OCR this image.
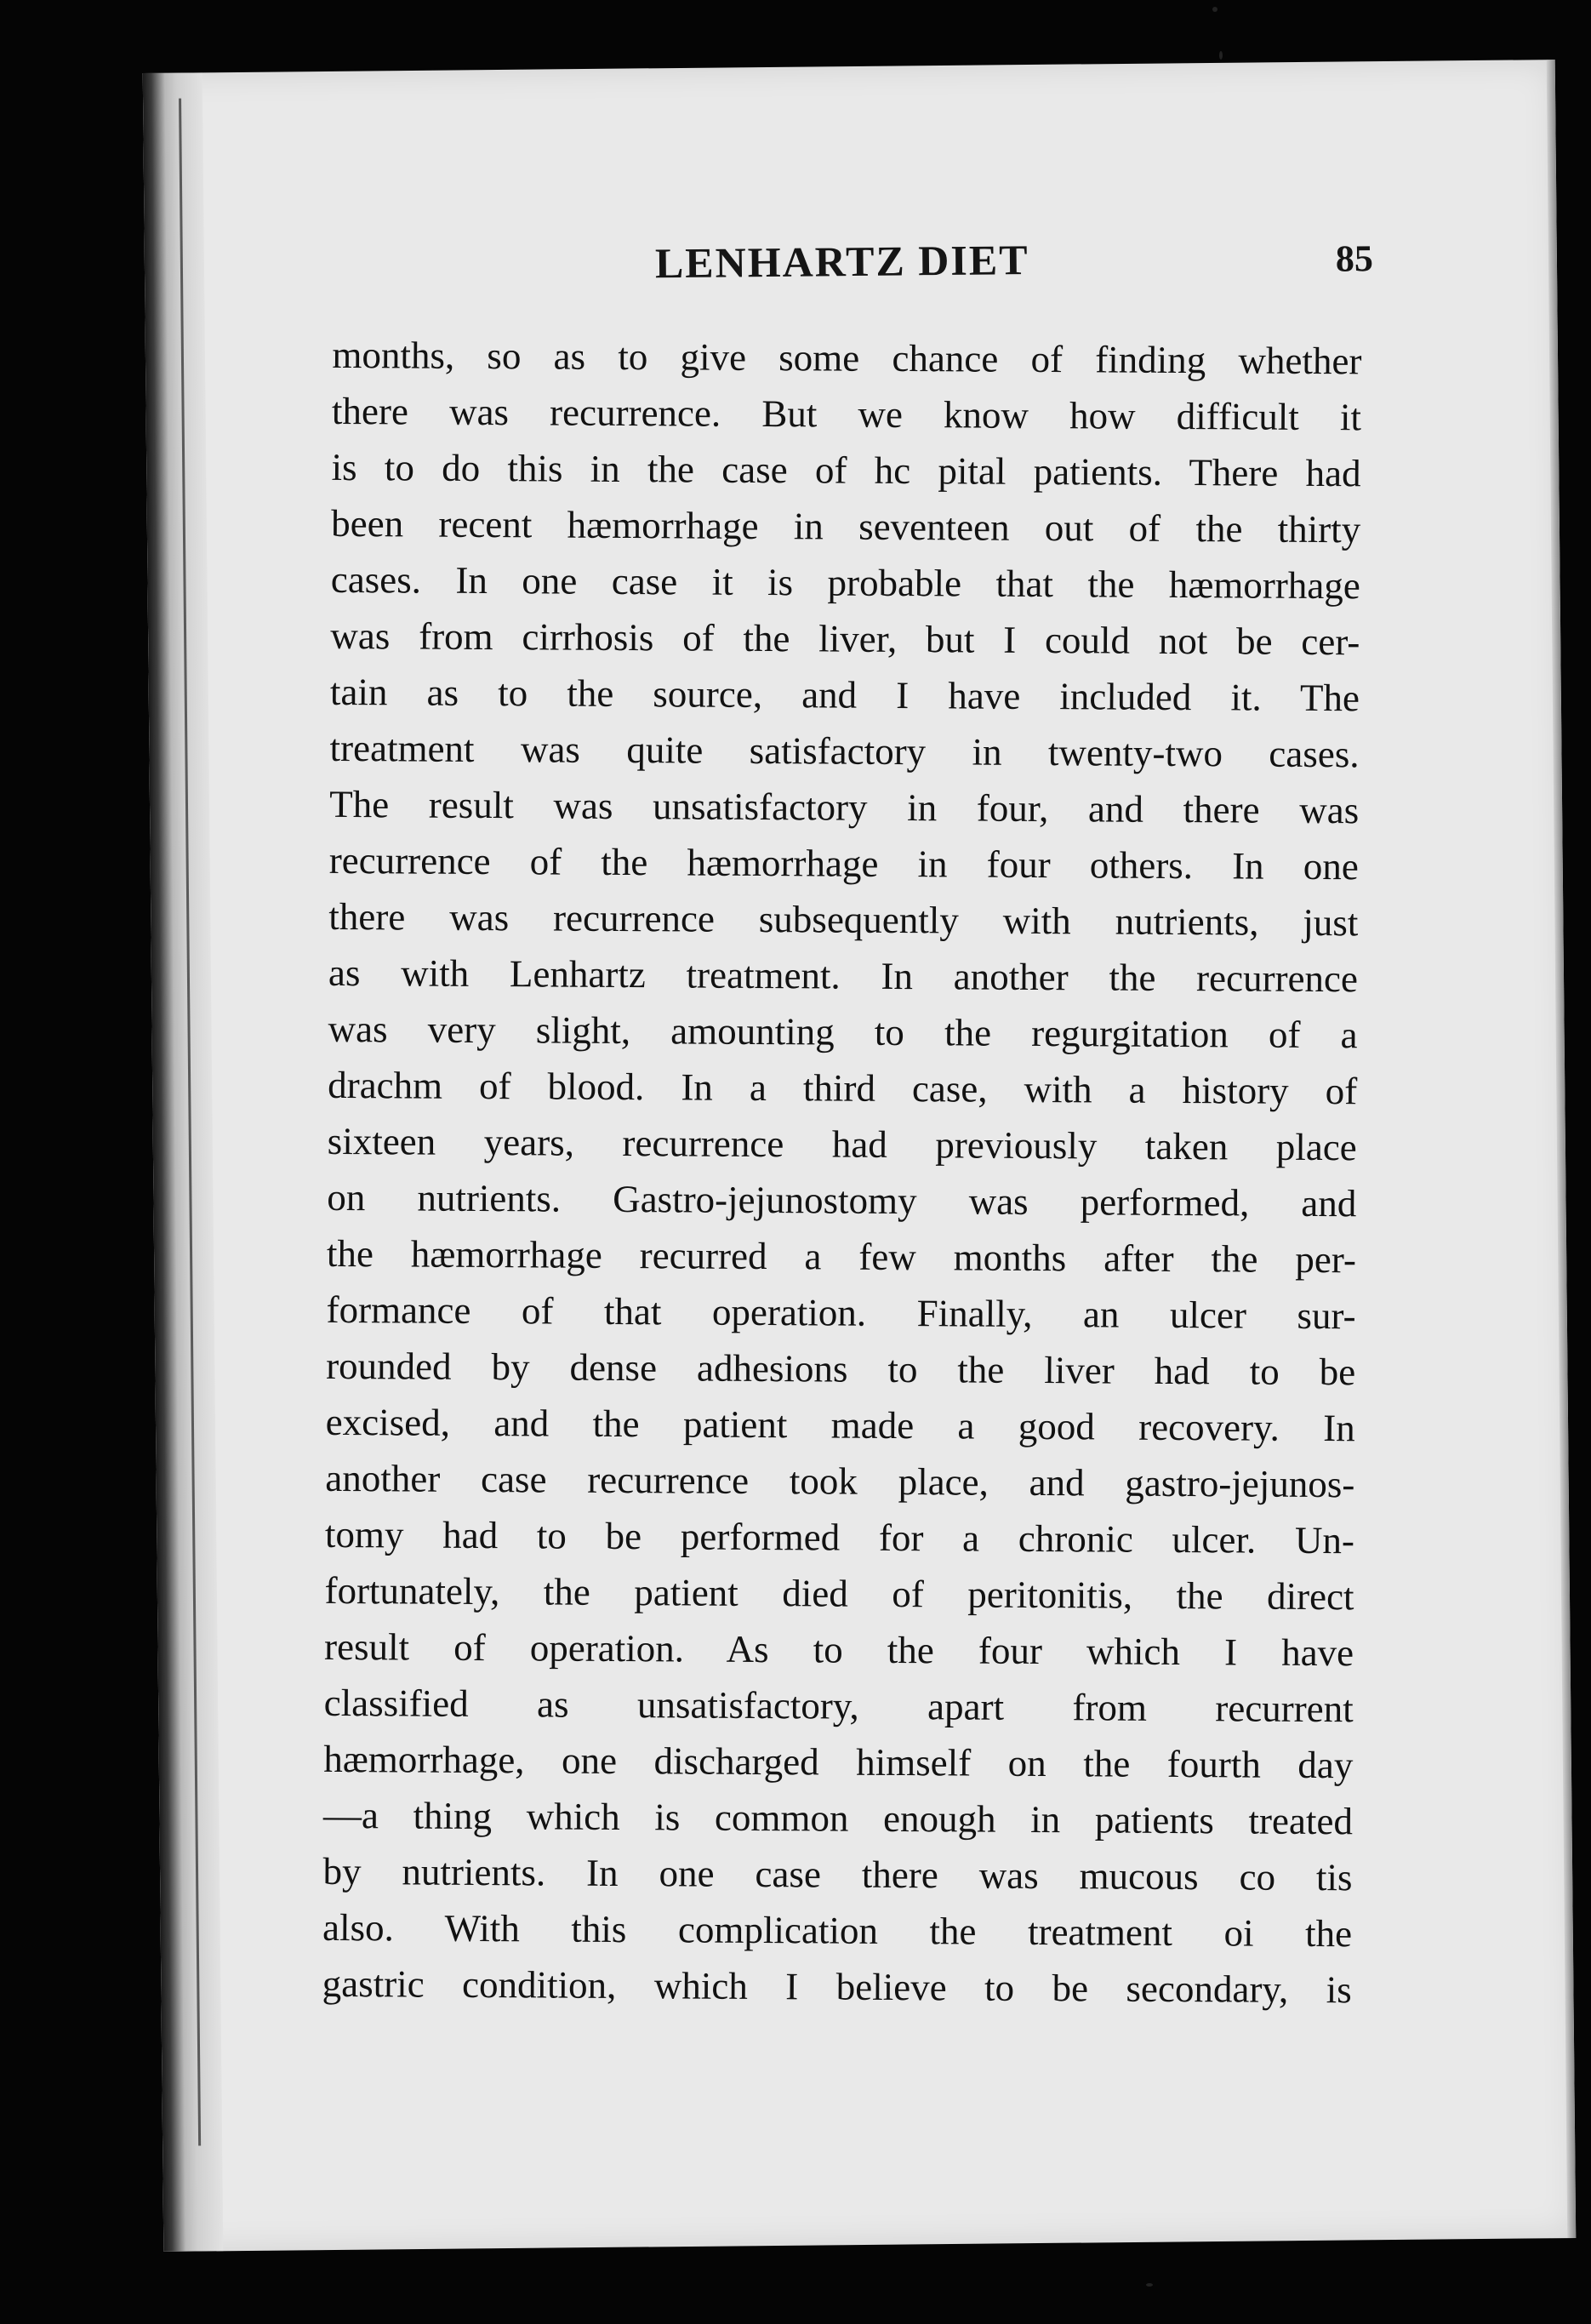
LENHARTZ DIET	85
months, so as to give some chance of finding whether
there was recurrence. But we know how difficult it
is to do this in the case of hc pital patients. There had
been recent hæmorrhage in seventeen out of the thirty
cases. In one case it is probable that the hæmorrhage
was from cirrhosis of the liver, but I could not be cer-
tain as to the source, and I have included it. The
treatment was quite satisfactory in twenty-two cases.
The result was unsatisfactory in four, and there was
recurrence of the hæmorrhage in four others. In one
there was recurrence subsequently with nutrients, just
as with Lenhartz treatment. In another the recurrence
was very slight, amounting to the regurgitation of a
drachm of blood. In a third case, with a history of
sixteen years, recurrence had previously taken place
on nutrients. Gastro-jejunostomy was performed, and
the hæmorrhage recurred a few months after the per-
formance of that operation. Finally, an ulcer sur-
rounded by dense adhesions to the liver had to be
excised, and the patient made a good recovery. In
another case recurrence took place, and gastro-jejunos-
tomy had to be performed for a chronic ulcer. Un-
fortunately, the patient died of peritonitis, the direct
result of operation. As to the four which I have
classified as unsatisfactory, apart from recurrent
hæmorrhage, one discharged himself on the fourth day
—a thing which is common enough in patients treated
by nutrients. In one case there was mucous co tis
also. With this complication the treatment oi the
gastric condition, which I believe to be secondary, is
